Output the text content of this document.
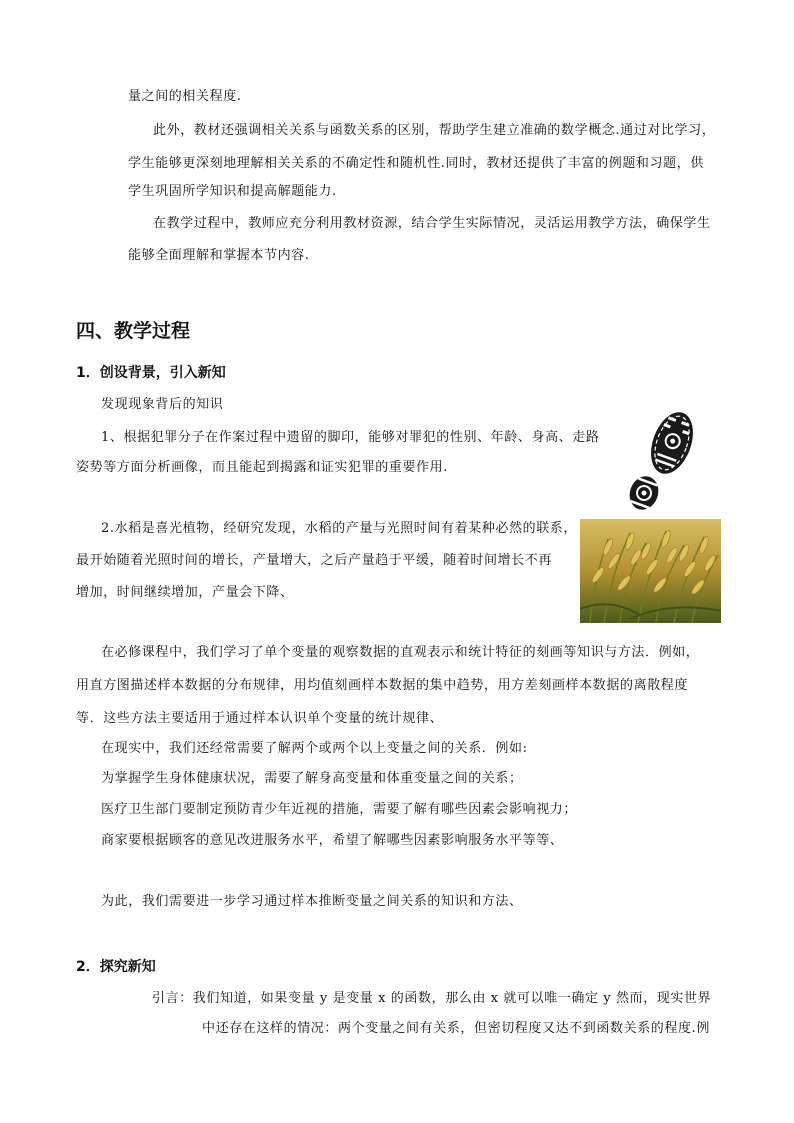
量之间的相关程度.
此外，教材还强调相关关系与函数关系的区别，帮助学生建立准确的数学概念.通过对比学习，
学生能够更深刻地理解相关关系的不确定性和随机性.同时，教材还提供了丰富的例题和习题，供
学生巩固所学知识和提高解题能力.
在教学过程中，教师应充分利用教材资源，结合学生实际情况，灵活运用教学方法，确保学生
能够全面理解和掌握本节内容.
四、教学过程
1．创设背景，引入新知
发现现象背后的知识
1、根据犯罪分子在作案过程中遗留的脚印，能够对罪犯的性别、年龄、身高、走路
姿势等方面分析画像，而且能起到揭露和证实犯罪的重要作用.
2.水稻是喜光植物，经研究发现，水稻的产量与光照时间有着某种必然的联系，
最开始随着光照时间的增长，产量增大，之后产量趋于平缓，随着时间增长不再
增加，时间继续增加，产量会下降、
在必修课程中，我们学习了单个变量的观察数据的直观表示和统计特征的刻画等知识与方法．例如，
用直方图描述样本数据的分布规律，用均值刻画样本数据的集中趋势，用方差刻画样本数据的离散程度
等．这些方法主要适用于通过样本认识单个变量的统计规律、
在现实中，我们还经常需要了解两个或两个以上变量之间的关系．例如:
为掌握学生身体健康状况，需要了解身高变量和体重变量之间的关系；
医疗卫生部门要制定预防青少年近视的措施，需要了解有哪些因素会影响视力；
商家要根据顾客的意见改进服务水平，希望了解哪些因素影响服务水平等等、
为此，我们需要进一步学习通过样本推断变量之间关系的知识和方法、
2．探究新知
引言：我们知道，如果变量 y 是变量 x 的函数，那么由 x 就可以唯一确定 y 然而，现实世界
中还存在这样的情况：两个变量之间有关系，但密切程度又达不到函数关系的程度.例
